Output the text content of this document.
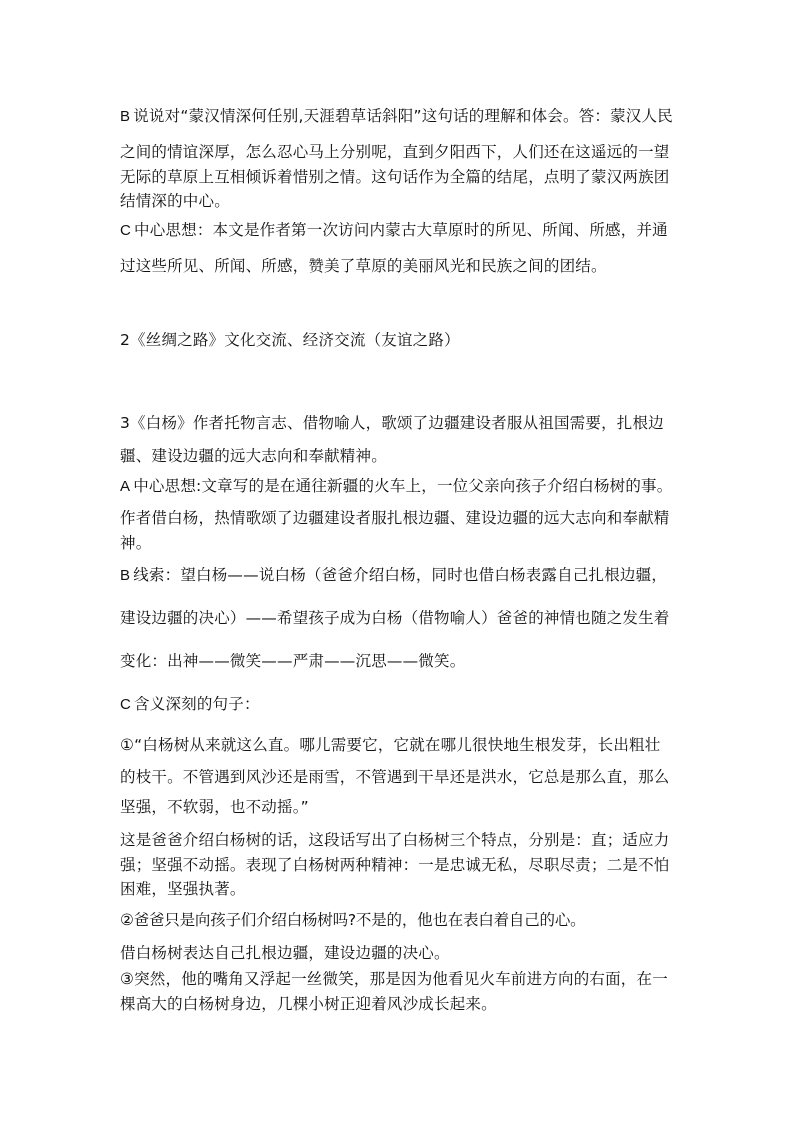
B 说说对“蒙汉情深何任别,天涯碧草话斜阳”这句话的理解和体会。答：蒙汉人民
之间的情谊深厚，怎么忍心马上分别呢，直到夕阳西下，人们还在这遥远的一望
无际的草原上互相倾诉着惜别之情。这句话作为全篇的结尾，点明了蒙汉两族团
结情深的中心。
C 中心思想：本文是作者第一次访问内蒙古大草原时的所见、所闻、所感，并通
过这些所见、所闻、所感，赞美了草原的美丽风光和民族之间的团结。
2《丝绸之路》文化交流、经济交流（友谊之路）
3《白杨》作者托物言志、借物喻人，歌颂了边疆建设者服从祖国需要，扎根边
疆、建设边疆的远大志向和奉献精神。
A 中心思想:文章写的是在通往新疆的火车上，一位父亲向孩子介绍白杨树的事。
作者借白杨，热情歌颂了边疆建设者服扎根边疆、建设边疆的远大志向和奉献精
神。
B 线索：望白杨——说白杨（爸爸介绍白杨，同时也借白杨表露自己扎根边疆，
建设边疆的决心）——希望孩子成为白杨（借物喻人）爸爸的神情也随之发生着
变化：出神——微笑——严肃——沉思——微笑。
C 含义深刻的句子：
①“白杨树从来就这么直。哪儿需要它，它就在哪儿很快地生根发芽，长出粗壮
的枝干。不管遇到风沙还是雨雪，不管遇到干旱还是洪水，它总是那么直，那么
坚强，不软弱，也不动摇。”
这是爸爸介绍白杨树的话，这段话写出了白杨树三个特点，分别是：直；适应力
强；坚强不动摇。表现了白杨树两种精神：一是忠诚无私，尽职尽责；二是不怕
困难，坚强执著。
②爸爸只是向孩子们介绍白杨树吗?不是的，他也在表白着自己的心。
借白杨树表达自己扎根边疆，建设边疆的决心。
③突然，他的嘴角又浮起一丝微笑，那是因为他看见火车前进方向的右面，在一
棵高大的白杨树身边，几棵小树正迎着风沙成长起来。
